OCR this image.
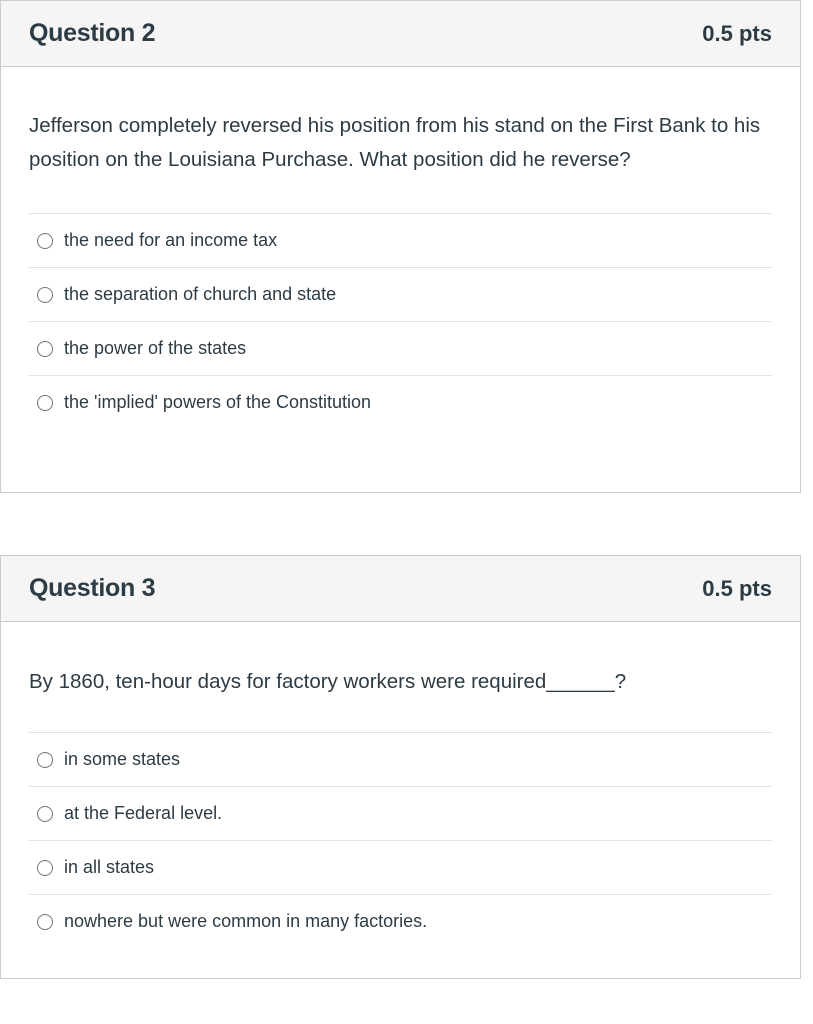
Question 2	0.5 pts

Jefferson completely reversed his position from his stand on the First Bank to his position on the Louisiana Purchase. What position did he reverse?

the need for an income tax
the separation of church and state
the power of the states
the 'implied' powers of the Constitution
Question 3	0.5 pts

By 1860, ten-hour days for factory workers were required______?

in some states
at the Federal level.
in all states
nowhere but were common in many factories.
